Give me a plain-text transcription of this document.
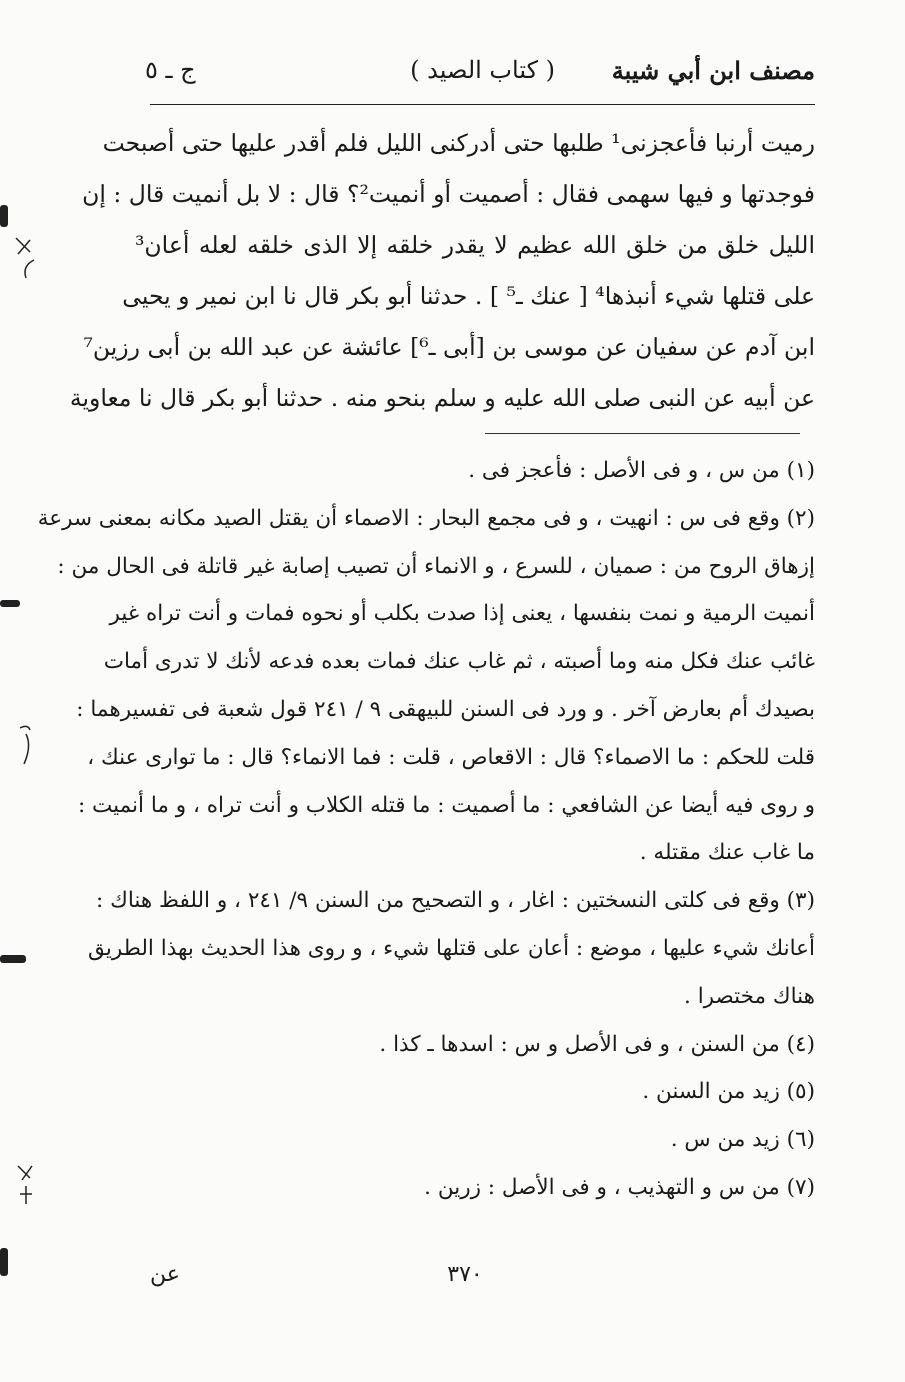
مصنف ابن أبي شيبة
( كتاب الصيد )
ج ـ ٥
رميت أرنبا فأعجزنى¹ طلبها حتى أدركنى الليل فلم أقدر عليها حتى أصبحت
فوجدتها و فيها سهمى فقال : أصميت أو أنميت²؟ قال : لا بل أنميت قال : إن
الليل خلق من خلق الله عظيم لا يقدر خلقه إلا الذى خلقه لعله أعان³
على قتلها شيء أنبذها⁴ [ عنك ـ⁵ ] . حدثنا أبو بكر قال نا ابن نمير و يحيى
ابن آدم عن سفيان عن موسى بن [أبى ـ⁶] عائشة عن عبد الله بن أبى رزين⁷
عن أبيه عن النبى صلى الله عليه و سلم بنحو منه . حدثنا أبو بكر قال نا معاوية
(١) من س ، و فى الأصل : فأعجز فى .
(٢) وقع فى س : انهيت ، و فى مجمع البحار : الاصماء أن يقتل الصيد مكانه بمعنى سرعة
إزهاق الروح من : صميان ، للسرع ، و الانماء أن تصيب إصابة غير قاتلة فى الحال من :
أنميت الرمية و نمت بنفسها ، يعنى إذا صدت بكلب أو نحوه فمات و أنت تراه غير
غائب عنك فكل منه وما أصبته ، ثم غاب عنك فمات بعده فدعه لأنك لا تدرى أمات
بصيدك أم بعارض آخر . و ورد فى السنن للبيهقى ٩ / ٢٤١ قول شعبة فى تفسيرهما :
قلت للحكم : ما الاصماء؟ قال : الاقعاص ، قلت : فما الانماء؟ قال : ما توارى عنك ،
و روى فيه أيضا عن الشافعي : ما أصميت : ما قتله الكلاب و أنت تراه ، و ما أنميت :
ما غاب عنك مقتله .
(٣) وقع فى كلتى النسختين : اغار ، و التصحيح من السنن ٩/ ٢٤١ ، و اللفظ هناك :
أعانك شيء عليها ، موضع : أعان على قتلها شيء ، و روى هذا الحديث بهذا الطريق
هناك مختصرا .
(٤) من السنن ، و فى الأصل و س : اسدها ـ كذا .
(٥) زيد من السنن .
(٦) زيد من س .
(٧) من س و التهذيب ، و فى الأصل : زرين .
٣٧٠
عن
